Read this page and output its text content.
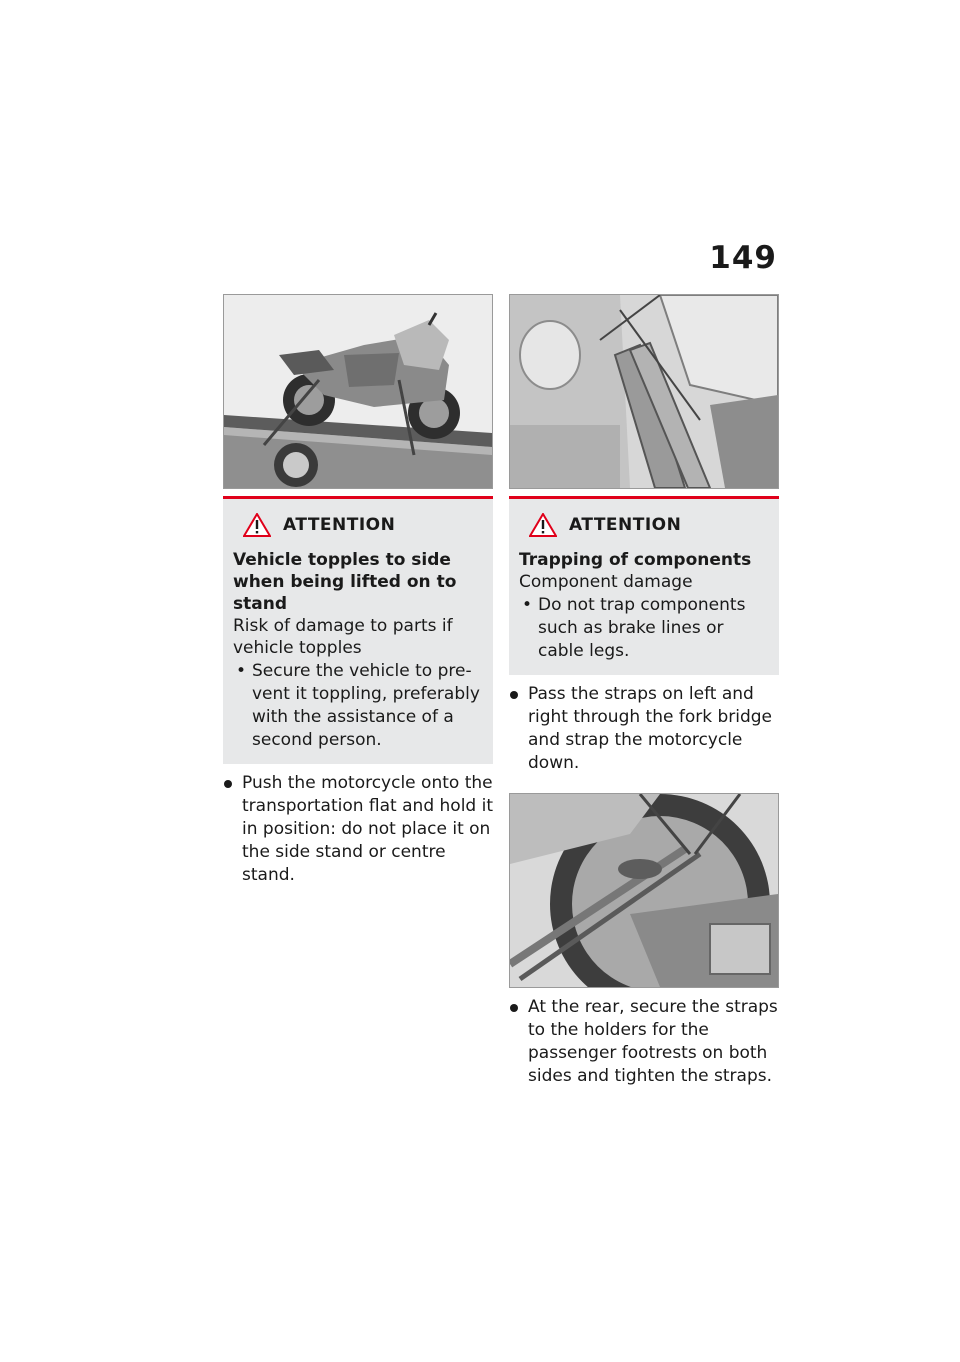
149
ATTENTION
Vehicle topples to side when being lifted on to stand
Risk of damage to parts if vehicle topples
• Secure the vehicle to prevent it toppling, preferably with the assistance of a second person.
Push the motorcycle onto the transportation flat and hold it in position: do not place it on the side stand or centre stand.
ATTENTION
Trapping of components
Component damage
• Do not trap components such as brake lines or cable legs.
Pass the straps on left and right through the fork bridge and strap the motorcycle down.
At the rear, secure the straps to the holders for the passenger footrests on both sides and tighten the straps.
